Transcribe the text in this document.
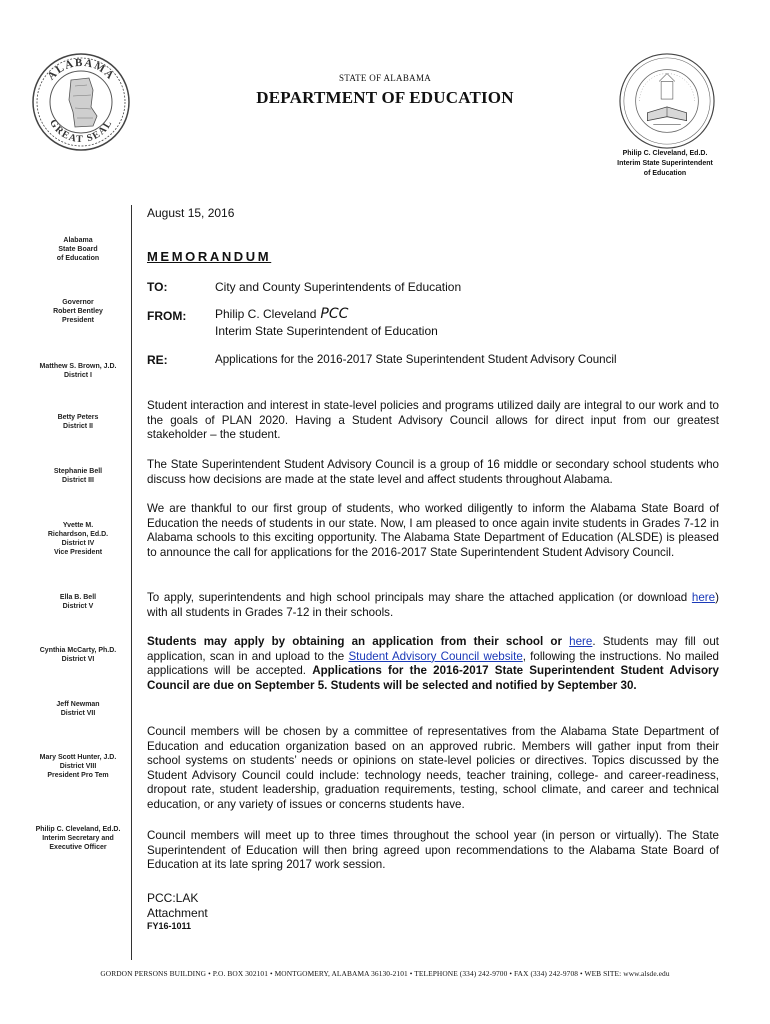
ALABAMA
GREAT SEAL
STATE OF ALABAMA
DEPARTMENT OF EDUCATION
Philip C. Cleveland, Ed.D.
Interim State Superintendent
of Education
Alabama
State Board
of Education
Governor
Robert Bentley
President
Matthew S. Brown, J.D.
District I
Betty Peters
District II
Stephanie Bell
District III
Yvette M.
Richardson, Ed.D.
District IV
Vice President
Ella B. Bell
District V
Cynthia McCarty, Ph.D.
District VI
Jeff Newman
District VII
Mary Scott Hunter, J.D.
District VIII
President Pro Tem
Philip C. Cleveland, Ed.D.
Interim Secretary and
Executive Officer
August 15, 2016
MEMORANDUM
TO:	City and County Superintendents of Education
FROM: Philip C. Cleveland PCC
Interim State Superintendent of Education
RE:	Applications for the 2016-2017 State Superintendent Student Advisory Council
Student interaction and interest in state-level policies and programs utilized daily are integral to our work and to the goals of PLAN 2020. Having a Student Advisory Council allows for direct input from our greatest stakeholder – the student.
The State Superintendent Student Advisory Council is a group of 16 middle or secondary school students who discuss how decisions are made at the state level and affect students throughout Alabama.
We are thankful to our first group of students, who worked diligently to inform the Alabama State Board of Education the needs of students in our state. Now, I am pleased to once again invite students in Grades 7-12 in Alabama schools to this exciting opportunity. The Alabama State Department of Education (ALSDE) is pleased to announce the call for applications for the 2016-2017 State Superintendent Student Advisory Council.
To apply, superintendents and high school principals may share the attached application (or download here) with all students in Grades 7-12 in their schools.
Students may apply by obtaining an application from their school or here. Students may fill out application, scan in and upload to the Student Advisory Council website, following the instructions. No mailed applications will be accepted. Applications for the 2016-2017 State Superintendent Student Advisory Council are due on September 5. Students will be selected and notified by September 30.
Council members will be chosen by a committee of representatives from the Alabama State Department of Education and education organization based on an approved rubric. Members will gather input from their school systems on students’ needs or opinions on state-level policies or directives. Topics discussed by the Student Advisory Council could include: technology needs, teacher training, college- and career-readiness, dropout rate, student leadership, graduation requirements, testing, school climate, and career and technical education, or any variety of issues or concerns students have.
Council members will meet up to three times throughout the school year (in person or virtually). The State Superintendent of Education will then bring agreed upon recommendations to the Alabama State Board of Education at its late spring 2017 work session.
PCC:LAK
Attachment
FY16-1011
GORDON PERSONS BUILDING • P.O. BOX 302101 • MONTGOMERY, ALABAMA 36130-2101 • TELEPHONE (334) 242-9700 • FAX (334) 242-9708 • WEB SITE: www.alsde.edu
